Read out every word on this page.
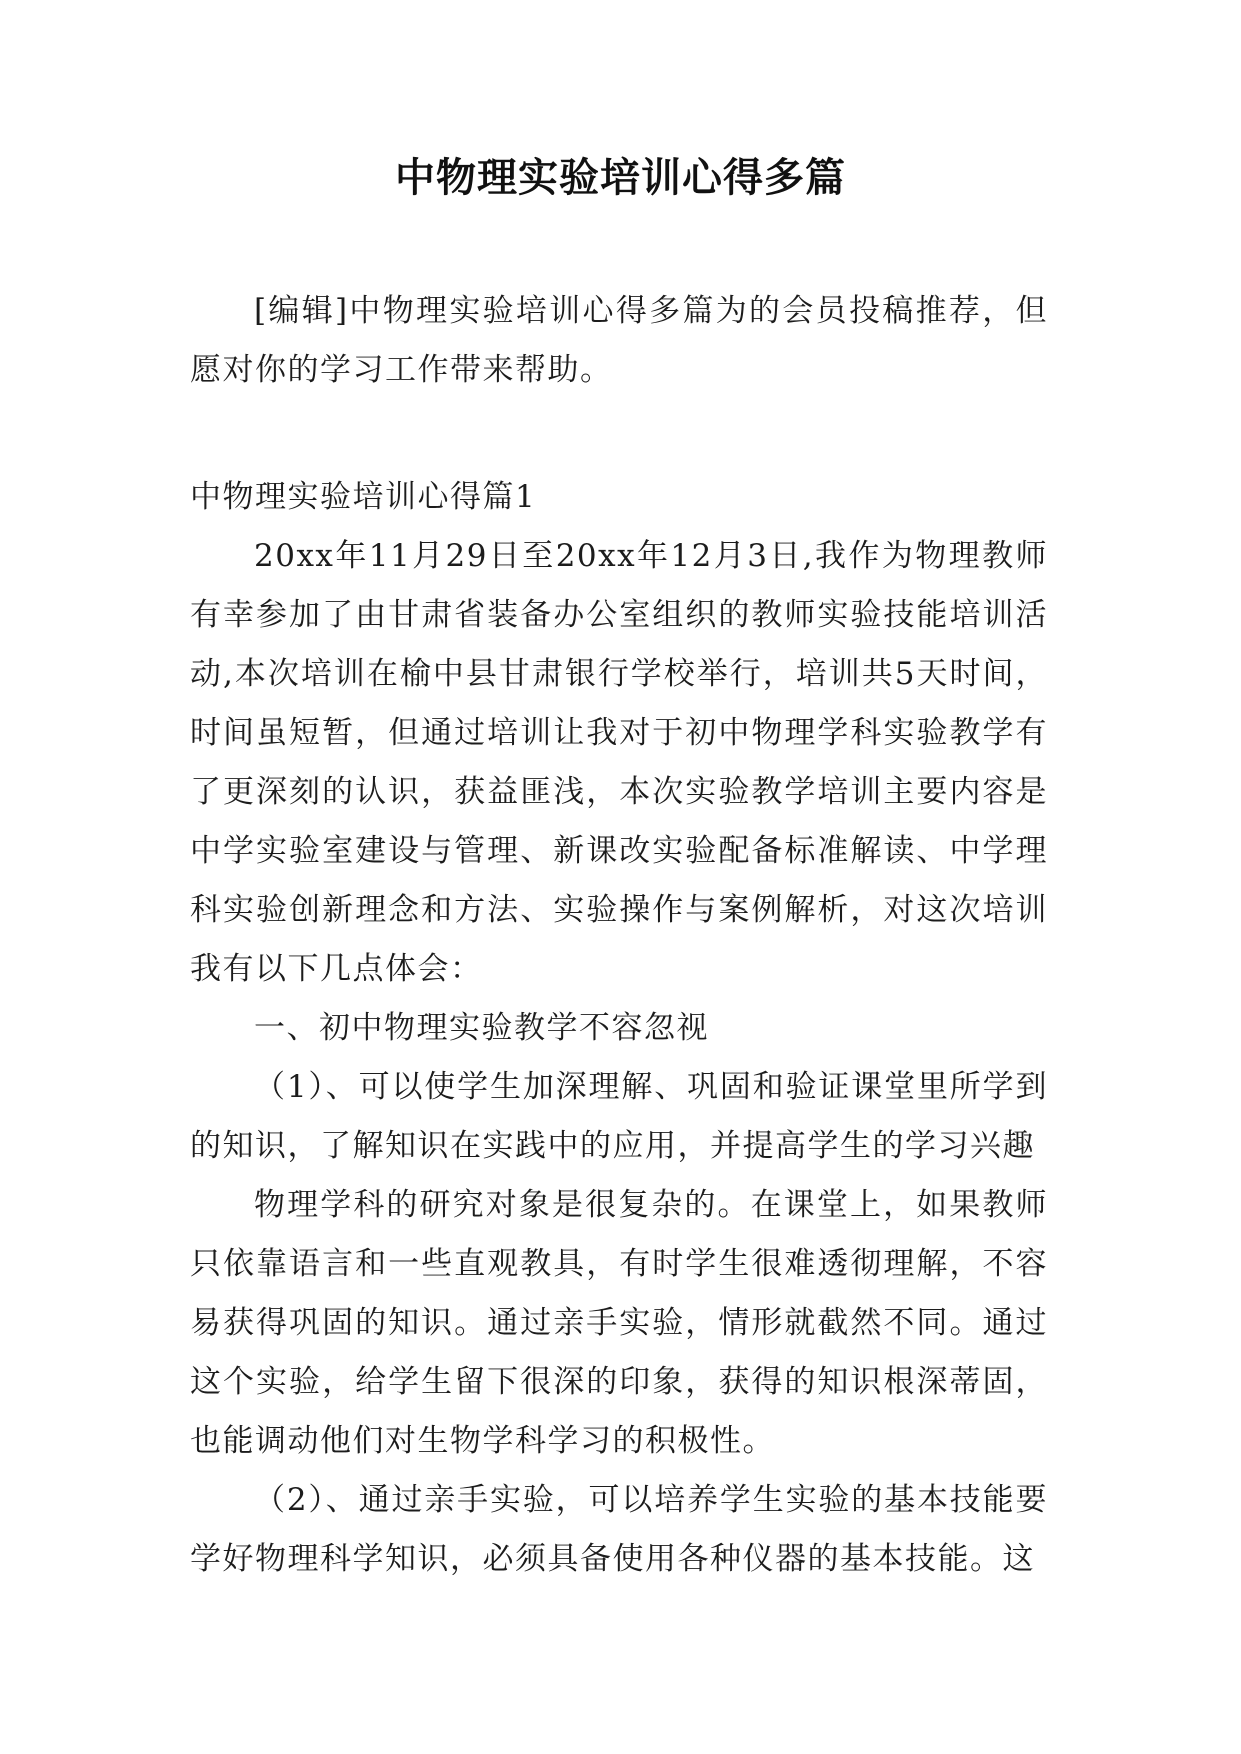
中物理实验培训心得多篇

[编辑]中物理实验培训心得多篇为的会员投稿推荐，但愿对你的学习工作带来帮助。

中物理实验培训心得篇1

20xx年11月29日至20xx年12月3日,我作为物理教师有幸参加了由甘肃省装备办公室组织的教师实验技能培训活动,本次培训在榆中县甘肃银行学校举行，培训共5天时间，时间虽短暂，但通过培训让我对于初中物理学科实验教学有了更深刻的认识，获益匪浅，本次实验教学培训主要内容是中学实验室建设与管理、新课改实验配备标准解读、中学理科实验创新理念和方法、实验操作与案例解析，对这次培训我有以下几点体会：

一、初中物理实验教学不容忽视

（1）、可以使学生加深理解、巩固和验证课堂里所学到的知识，了解知识在实践中的应用，并提高学生的学习兴趣

物理学科的研究对象是很复杂的。在课堂上，如果教师只依靠语言和一些直观教具，有时学生很难透彻理解，不容易获得巩固的知识。通过亲手实验，情形就截然不同。通过这个实验，给学生留下很深的印象，获得的知识根深蒂固，也能调动他们对生物学科学习的积极性。

（2）、通过亲手实验，可以培养学生实验的基本技能要学好物理科学知识，必须具备使用各种仪器的基本技能。这
